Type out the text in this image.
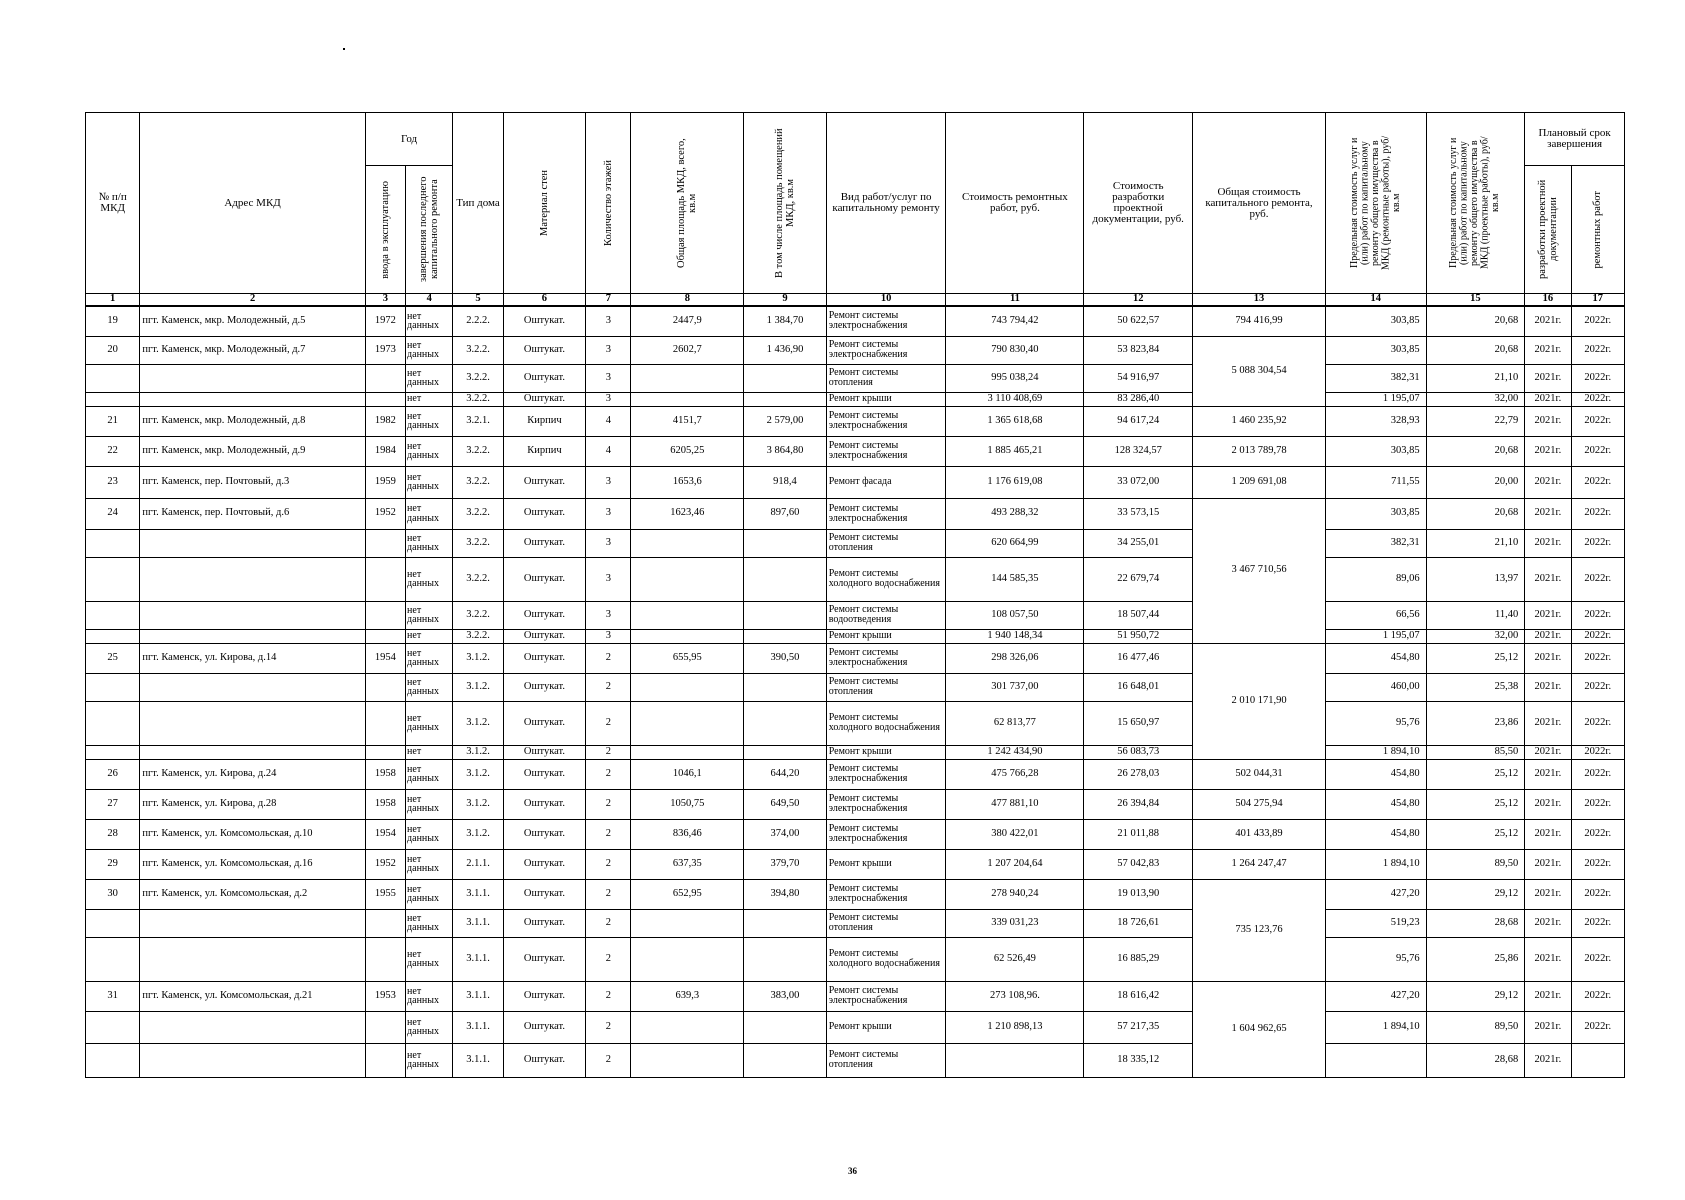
№ п/п МКД	Адрес МКД	Год		Тип дома	Материал стен	Количество этажей	Общая площадь МКД, всего, кв.м	В том числе площадь помещений МКД, кв.м	Вид работ/услуг по капитальному ремонту	Стоимость ремонтных работ, руб.	Стоимость разработки проектной документации, руб.	Общая стоимость капитального ремонта, руб.	Предельная стоимость услуг и (или) работ по капитальному ремонту общего имущества в МКД (ремонтные работы), руб/кв.м	Предельная стоимость услуг и (или) работ по капитальному ремонту общего имущества в МКД (проектные работы), руб/кв.м	Плановый срок завершения	

		ввода в эксплуатацию	завершения последнего капитального ремонта												разработки проектной документации	ремонтных работ

1	2	3	4	5	6	7	8	9	10	11	12	13	14	15	16	17
19	пгт. Каменск, мкр. Молодежный, д.5	1972	нет данных	2.2.2.	Оштукат.	3	2447,9	1 384,70	Ремонт системы электроснабжения	743 794,42	50 622,57	794 416,99	303,85	20,68	2021г.	2022г.
20	пгт. Каменск, мкр. Молодежный, д.7	1973	нет данных	3.2.2.	Оштукат.	3	2602,7	1 436,90	Ремонт системы электроснабжения	790 830,40	53 823,84	5 088 304,54	303,85	20,68	2021г.	2022г.
			нет данных	3.2.2.	Оштукат.	3			Ремонт системы отопления	995 038,24	54 916,97		382,31	21,10	2021г.	2022г.
			нет	3.2.2.	Оштукат.	3			Ремонт крыши	3 110 408,69	83 286,40		1 195,07	32,00	2021г.	2022г.
21	пгт. Каменск, мкр. Молодежный, д.8	1982	нет данных	3.2.1.	Кирпич	4	4151,7	2 579,00	Ремонт системы электроснабжения	1 365 618,68	94 617,24	1 460 235,92	328,93	22,79	2021г.	2022г.
22	пгт. Каменск, мкр. Молодежный, д.9	1984	нет данных	3.2.2.	Кирпич	4	6205,25	3 864,80	Ремонт системы электроснабжения	1 885 465,21	128 324,57	2 013 789,78	303,85	20,68	2021г.	2022г.
23	пгт. Каменск, пер. Почтовый, д.3	1959	нет данных	3.2.2.	Оштукат.	3	1653,6	918,4	Ремонт фасада	1 176 619,08	33 072,00	1 209 691,08	711,55	20,00	2021г.	2022г.
24	пгт. Каменск, пер. Почтовый, д.6	1952	нет данных	3.2.2.	Оштукат.	3	1623,46	897,60	Ремонт системы электроснабжения	493 288,32	33 573,15	3 467 710,56	303,85	20,68	2021г.	2022г.
			нет данных	3.2.2.	Оштукат.	3			Ремонт системы отопления	620 664,99	34 255,01		382,31	21,10	2021г.	2022г.
			нет данных	3.2.2.	Оштукат.	3			Ремонт системы холодного водоснабжения	144 585,35	22 679,74		89,06	13,97	2021г.	2022г.
			нет данных	3.2.2.	Оштукат.	3			Ремонт системы водоотведения	108 057,50	18 507,44		66,56	11,40	2021г.	2022г.
			нет	3.2.2.	Оштукат.	3			Ремонт крыши	1 940 148,34	51 950,72		1 195,07	32,00	2021г.	2022г.
25	пгт. Каменск, ул. Кирова, д.14	1954	нет данных	3.1.2.	Оштукат.	2	655,95	390,50	Ремонт системы электроснабжения	298 326,06	16 477,46	2 010 171,90	454,80	25,12	2021г.	2022г.
			нет данных	3.1.2.	Оштукат.	2			Ремонт системы отопления	301 737,00	16 648,01		460,00	25,38	2021г.	2022г.
			нет данных	3.1.2.	Оштукат.	2			Ремонт системы холодного водоснабжения	62 813,77	15 650,97		95,76	23,86	2021г.	2022г.
			нет	3.1.2.	Оштукат.	2			Ремонт крыши	1 242 434,90	56 083,73		1 894,10	85,50	2021г.	2022г.
26	пгт. Каменск, ул. Кирова, д.24	1958	нет данных	3.1.2.	Оштукат.	2	1046,1	644,20	Ремонт системы электроснабжения	475 766,28	26 278,03	502 044,31	454,80	25,12	2021г.	2022г.
27	пгт. Каменск, ул. Кирова, д.28	1958	нет данных	3.1.2.	Оштукат.	2	1050,75	649,50	Ремонт системы электроснабжения	477 881,10	26 394,84	504 275,94	454,80	25,12	2021г.	2022г.
28	пгт. Каменск, ул. Комсомольская, д.10	1954	нет данных	3.1.2.	Оштукат.	2	836,46	374,00	Ремонт системы электроснабжения	380 422,01	21 011,88	401 433,89	454,80	25,12	2021г.	2022г.
29	пгт. Каменск, ул. Комсомольская, д.16	1952	нет данных	2.1.1.	Оштукат.	2	637,35	379,70	Ремонт крыши	1 207 204,64	57 042,83	1 264 247,47	1 894,10	89,50	2021г.	2022г.
30	пгт. Каменск, ул. Комсомольская, д.2	1955	нет данных	3.1.1.	Оштукат.	2	652,95	394,80	Ремонт системы электроснабжения	278 940,24	19 013,90	735 123,76	427,20	29,12	2021г.	2022г.
			нет данных	3.1.1.	Оштукат.	2			Ремонт системы отопления	339 031,23	18 726,61		519,23	28,68	2021г.	2022г.
			нет данных	3.1.1.	Оштукат.	2			Ремонт системы холодного водоснабжения	62 526,49	16 885,29		95,76	25,86	2021г.	2022г.
31	пгт. Каменск, ул. Комсомольская, д.21	1953	нет данных	3.1.1.	Оштукат.	2	639,3	383,00	Ремонт системы электроснабжения	273 108,96.	18 616,42	1 604 962,65	427,20	29,12	2021г.	2022г.
			нет данных	3.1.1.	Оштукат.	2			Ремонт крыши	1 210 898,13	57 217,35		1 894,10	89,50	2021г.	2022г.
			нет данных	3.1.1.	Оштукат.	2			Ремонт системы отопления		18 335,12			28,68	2021г.	
36
